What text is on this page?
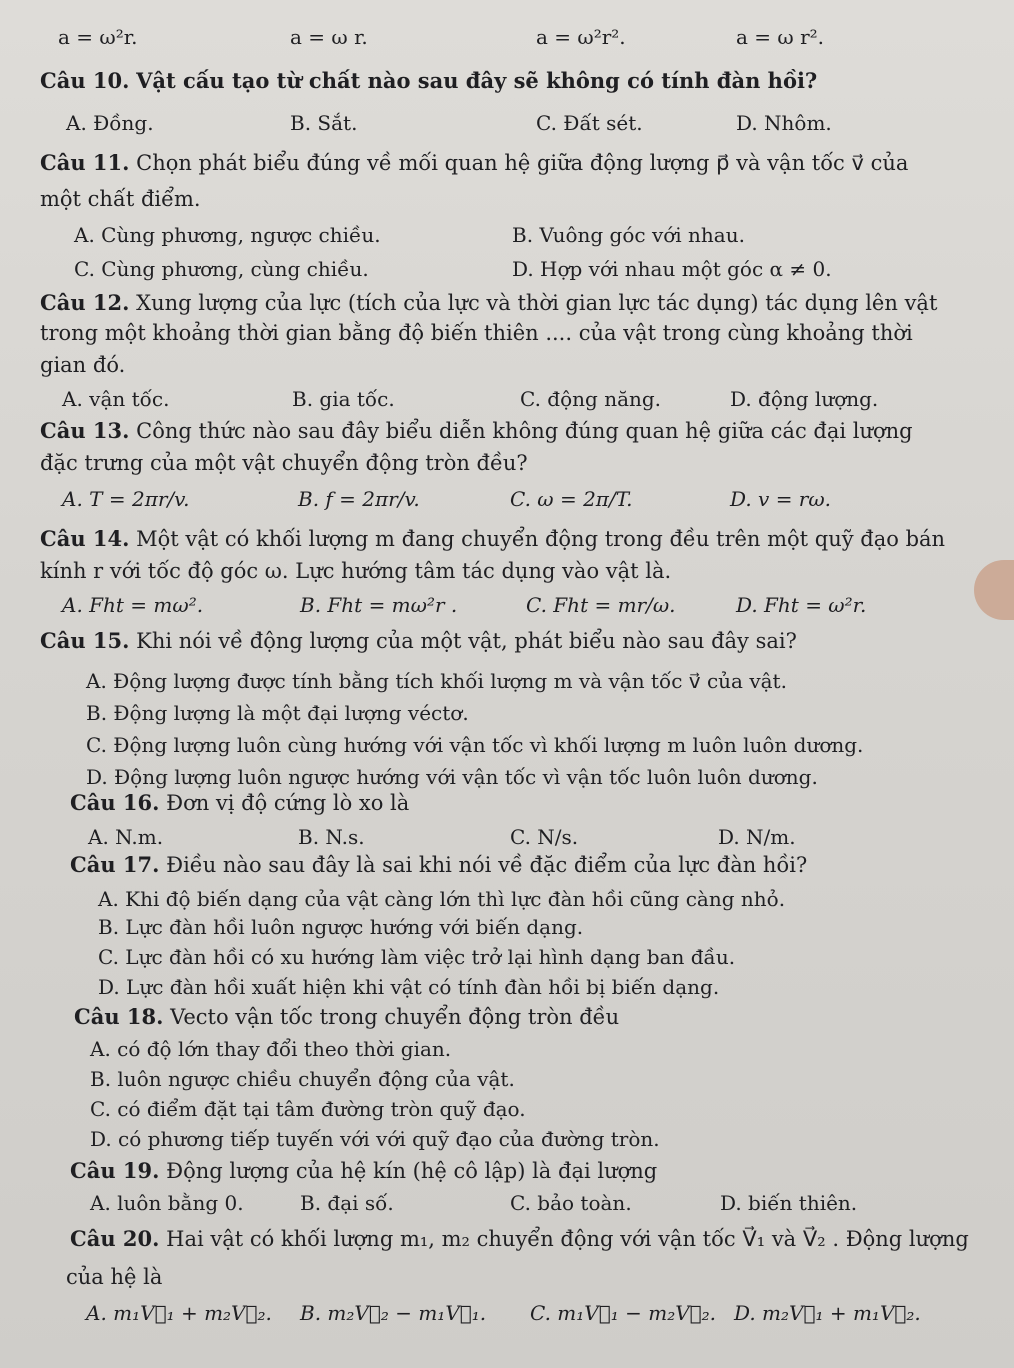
a = ω²r.	a = ω r.	a = ω²r².	a = ω r².
Câu 10. Vật cấu tạo từ chất nào sau đây sẽ không có tính đàn hồi?
A. Đồng.	B. Sắt.	C. Đất sét.	D. Nhôm.
Câu 11. Chọn phát biểu đúng về mối quan hệ giữa động lượng p⃗ và vận tốc v⃗ của
một chất điểm.
A. Cùng phương, ngược chiều.	B. Vuông góc với nhau.
C. Cùng phương, cùng chiều.	D. Hợp với nhau một góc α ≠ 0.
Câu 12. Xung lượng của lực (tích của lực và thời gian lực tác dụng) tác dụng lên vật
trong một khoảng thời gian bằng độ biến thiên .... của vật trong cùng khoảng thời
gian đó.
A. vận tốc.	B. gia tốc.	C. động năng.	D. động lượng.
Câu 13. Công thức nào sau đây biểu diễn không đúng quan hệ giữa các đại lượng
đặc trưng của một vật chuyển động tròn đều?
A. T = 2πr/v.	B. f = 2πr/v.	C. ω = 2π/T.	D. v = rω.
Câu 14. Một vật có khối lượng m đang chuyển động trong đều trên một quỹ đạo bán
kính r với tốc độ góc ω. Lực hướng tâm tác dụng vào vật là.
A. Fht = mω².	B. Fht = mω²r .	C. Fht = mr/ω.	D. Fht = ω²r.
Câu 15. Khi nói về động lượng của một vật, phát biểu nào sau đây sai?
A. Động lượng được tính bằng tích khối lượng m và vận tốc v⃗ của vật.
B. Động lượng là một đại lượng véctơ.
C. Động lượng luôn cùng hướng với vận tốc vì khối lượng m luôn luôn dương.
D. Động lượng luôn ngược hướng với vận tốc vì vận tốc luôn luôn dương.
Câu 16. Đơn vị độ cứng lò xo là
A. N.m.	B. N.s.	C. N/s.	D. N/m.
Câu 17. Điều nào sau đây là sai khi nói về đặc điểm của lực đàn hồi?
A. Khi độ biến dạng của vật càng lớn thì lực đàn hồi cũng càng nhỏ.
B. Lực đàn hồi luôn ngược hướng với biến dạng.
C. Lực đàn hồi có xu hướng làm việc trở lại hình dạng ban đầu.
D. Lực đàn hồi xuất hiện khi vật có tính đàn hồi bị biến dạng.
Câu 18. Vecto vận tốc trong chuyển động tròn đều
A. có độ lớn thay đổi theo thời gian.
B. luôn ngược chiều chuyển động của vật.
C. có điểm đặt tại tâm đường tròn quỹ đạo.
D. có phương tiếp tuyến với với quỹ đạo của đường tròn.
Câu 19. Động lượng của hệ kín (hệ cô lập) là đại lượng
A. luôn bằng 0.	B. đại số.	C. bảo toàn.	D. biến thiên.
Câu 20. Hai vật có khối lượng m₁, m₂ chuyển động với vận tốc V⃗₁ và V⃗₂ . Động lượng
của hệ là
A. m₁V⃗₁ + m₂V⃗₂. B. m₂V⃗₂ − m₁V⃗₁. C. m₁V⃗₁ − m₂V⃗₂. D. m₂V⃗₁ + m₁V⃗₂.
